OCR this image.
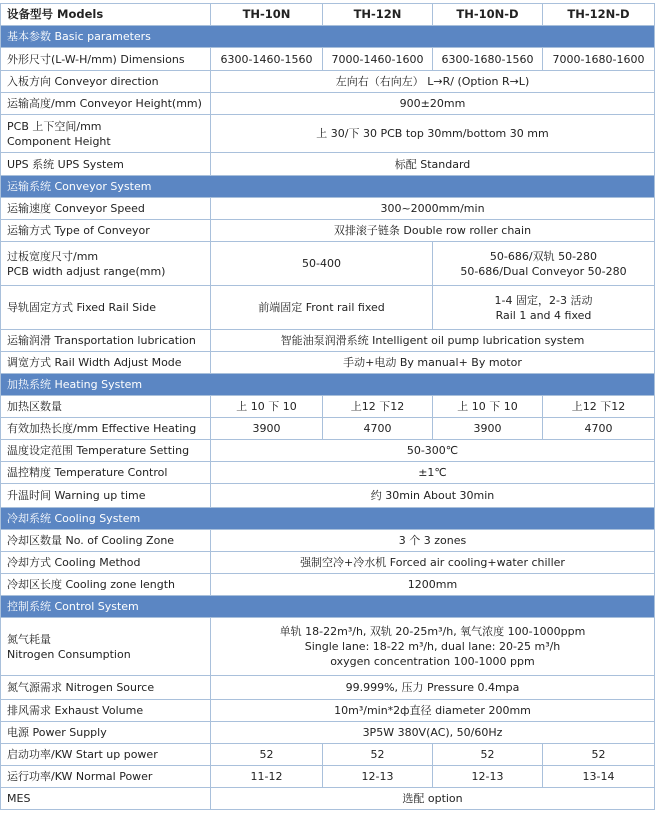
设备型号 Models	TH-10N	TH-12N	TH-10N-D	TH-12N-D
基本参数 Basic parameters				
外形尺寸(L-W-H/mm) Dimensions	6300-1460-1560	7000-1460-1600	6300-1680-1560	7000-1680-1600
入板方向 Conveyor direction	左向右（右向左） L→R/ (Option R→L)			
运输高度/mm Conveyor Height(mm)	900±20mm			
PCB 上下空间/mm
Component Height	上 30/下 30 PCB top 30mm/bottom 30 mm			
UPS 系统 UPS System	标配 Standard			
运输系统 Conveyor System				
运输速度 Conveyor Speed	300~2000mm/min			
运输方式 Type of Conveyor	双排滚子链条 Double row roller chain			
过板宽度尺寸/mm
PCB width adjust range(mm)	50-400		50-686/双轨 50-280
50-686/Dual Conveyor 50-280	
导轨固定方式 Fixed Rail Side	前端固定 Front rail fixed		1-4 固定，2-3 活动
Rail 1 and 4 fixed	
运输润滑 Transportation lubrication	智能油泵润滑系统 Intelligent oil pump lubrication system			
调宽方式 Rail Width Adjust Mode	手动+电动 By manual+ By motor			
加热系统 Heating System				
加热区数量	上 10 下 10	上12 下12	上 10 下 10	上12 下12
有效加热长度/mm Effective Heating	3900	4700	3900	4700
温度设定范围 Temperature Setting	50-300℃			
温控精度 Temperature Control	±1℃			
升温时间 Warning up time	约 30min About 30min			
冷却系统 Cooling System				
冷却区数量 No. of Cooling Zone	3 个 3 zones			
冷却方式 Cooling Method	强制空冷+冷水机 Forced air cooling+water chiller			
冷却区长度 Cooling zone length	1200mm			
控制系统 Control System				
氮气耗量
Nitrogen Consumption	单轨 18-22m³/h, 双轨 20-25m³/h, 氧气浓度 100-1000ppm
Single lane: 18-22 m³/h, dual lane: 20-25 m³/h
oxygen concentration 100-1000 ppm			
氮气源需求 Nitrogen Source	99.999%, 压力 Pressure 0.4mpa			
排风需求 Exhaust Volume	10m³/min*2ф直径 diameter 200mm			
电源 Power Supply	3P5W 380V(AC), 50/60Hz			
启动功率/KW Start up power	52	52	52	52
运行功率/KW Normal Power	11-12	12-13	12-13	13-14
MES	选配 option			
